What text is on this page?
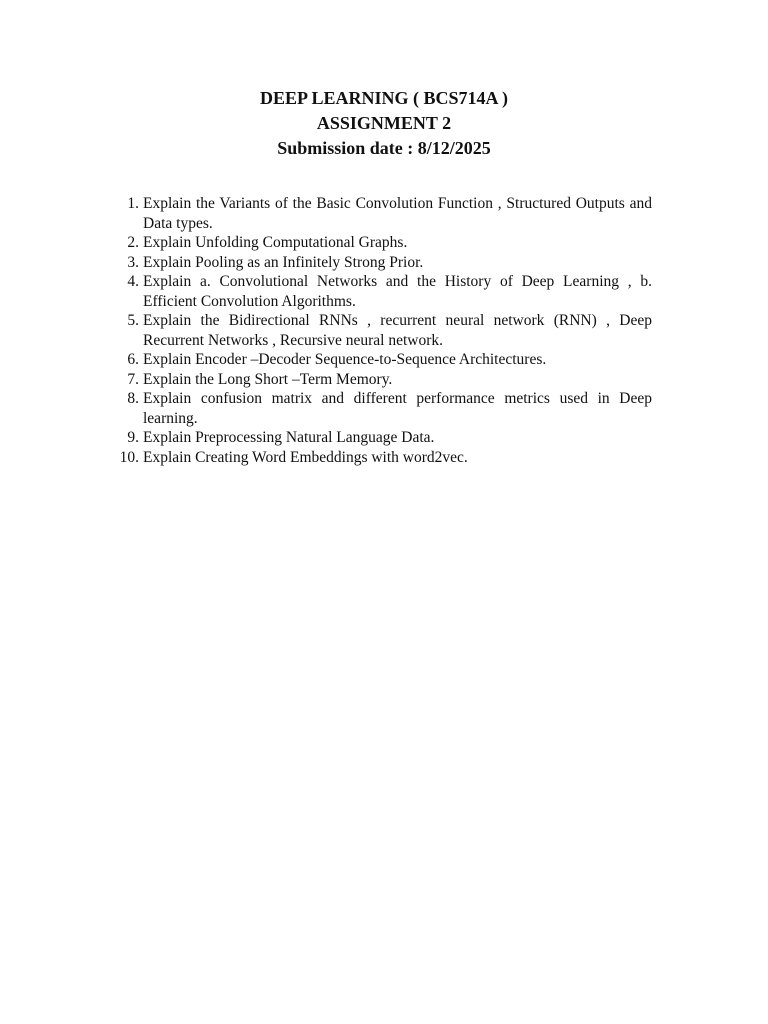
DEEP LEARNING ( BCS714A )

ASSIGNMENT 2

Submission date : 8/12/2025

1. Explain the Variants of the Basic Convolution Function , Structured Outputs and Data types.
2. Explain Unfolding Computational Graphs.
3. Explain Pooling as an Infinitely Strong Prior.
4. Explain a. Convolutional Networks and the History of Deep Learning , b. Efficient Convolution Algorithms.
5. Explain the Bidirectional RNNs , recurrent neural network (RNN) , Deep Recurrent Networks , Recursive neural network.
6. Explain Encoder –Decoder Sequence-to-Sequence Architectures.
7. Explain the Long Short –Term Memory.
8. Explain confusion matrix and different performance metrics used in Deep learning.
9. Explain Preprocessing Natural Language Data.
10. Explain Creating Word Embeddings with word2vec.
